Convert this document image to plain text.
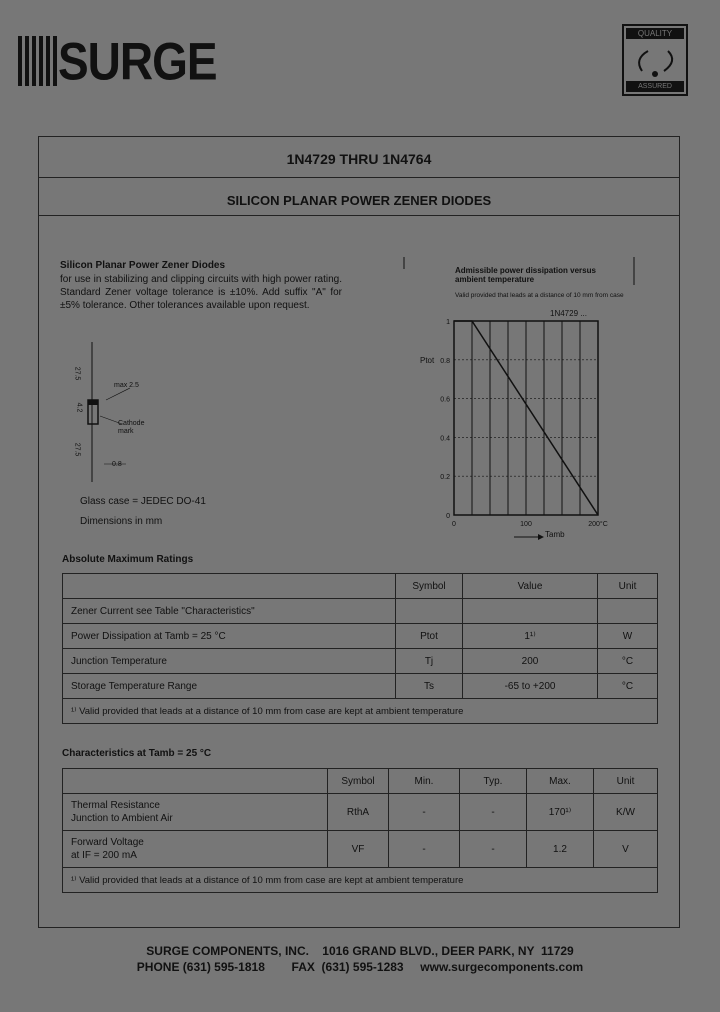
SURGE	QUALITY
ASSURED
1N4729 THRU 1N4764
SILICON PLANAR POWER ZENER DIODES
Silicon Planar Power Zener Diodes
for use in stabilizing and clipping circuits with high power rating. Standard Zener voltage tolerance is ±10%. Add suffix "A" for ±5% tolerance. Other tolerances available upon request.
max 2.5
Cathode mark
0.8
4.2
27.5
27.5
Glass case = JEDEC DO-41
Dimensions in mm
Admissible power dissipation versus ambient temperature
Valid provided that leads at a distance of 10 mm from case
1N4729 ...
Ptot
Tamb
1
0.8
0.6
0.4
0.2
0
0	100	200°C
Absolute Maximum Ratings
	Symbol	Value	Unit
Zener Current see Table "Characteristics"			
Power Dissipation at Tamb = 25 °C	Ptot	1¹⁾	W
Junction Temperature	Tj	200	°C
Storage Temperature Range	Ts	-65 to +200	°C
¹⁾ Valid provided that leads at a distance of 10 mm from case are kept at ambient temperature			
Characteristics at Tamb = 25 °C
	Symbol	Min.	Typ.	Max.	Unit

Thermal Resistance
Junction to Ambient Air	RthA	-	-	170¹⁾	K/W

Forward Voltage
at IF = 200 mA	VF	-	-	1.2	V
¹⁾ Valid provided that leads at a distance of 10 mm from case are kept at ambient temperature					
SURGE COMPONENTS, INC.    1016 GRAND BLVD., DEER PARK, NY  11729
PHONE (631) 595-1818        FAX  (631) 595-1283     www.surgecomponents.com
